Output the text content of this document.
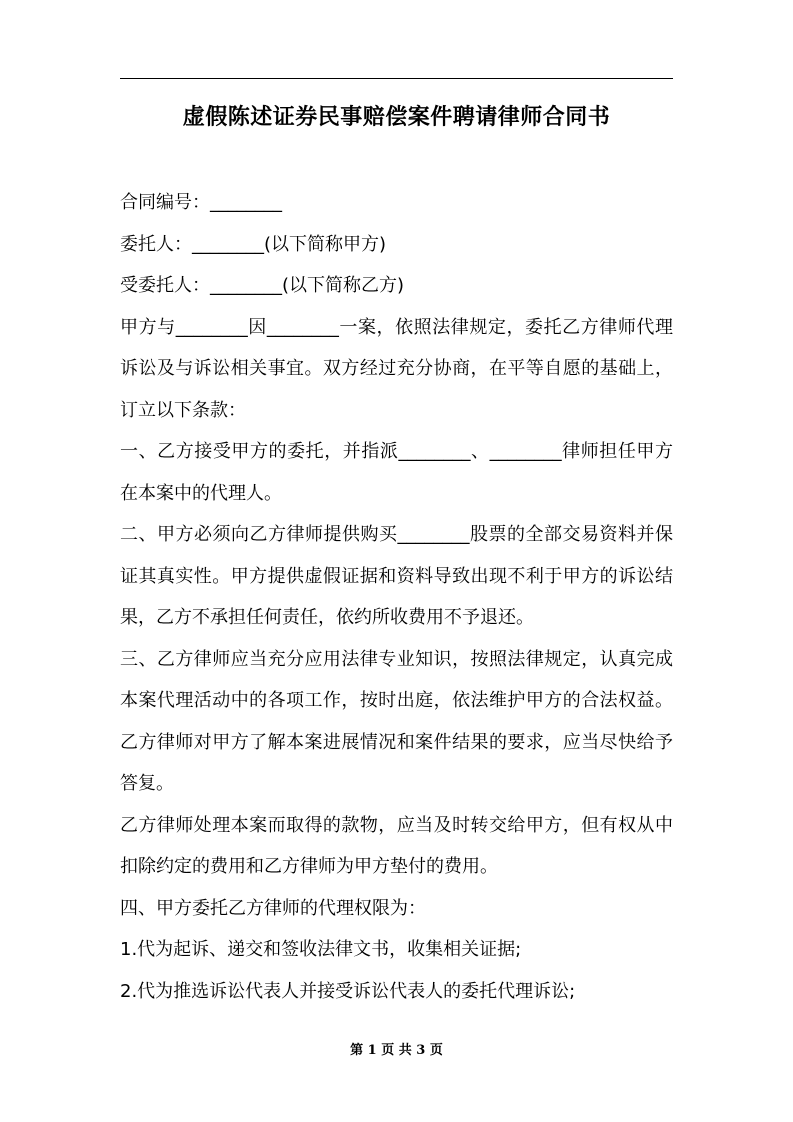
虚假陈述证券民事赔偿案件聘请律师合同书
合同编号：________
委托人：________(以下简称甲方)
受委托人：________(以下简称乙方)
甲方与________因________一案，依照法律规定，委托乙方律师代理
诉讼及与诉讼相关事宜。双方经过充分协商，在平等自愿的基础上，
订立以下条款：
一、乙方接受甲方的委托，并指派________、________律师担任甲方
在本案中的代理人。
二、甲方必须向乙方律师提供购买________股票的全部交易资料并保
证其真实性。甲方提供虚假证据和资料导致出现不利于甲方的诉讼结
果，乙方不承担任何责任，依约所收费用不予退还。
三、乙方律师应当充分应用法律专业知识，按照法律规定，认真完成
本案代理活动中的各项工作，按时出庭，依法维护甲方的合法权益。
乙方律师对甲方了解本案进展情况和案件结果的要求，应当尽快给予
答复。
乙方律师处理本案而取得的款物，应当及时转交给甲方，但有权从中
扣除约定的费用和乙方律师为甲方垫付的费用。
四、甲方委托乙方律师的代理权限为：
1.代为起诉、递交和签收法律文书，收集相关证据;
2.代为推选诉讼代表人并接受诉讼代表人的委托代理诉讼;
第 1 页 共 3 页
